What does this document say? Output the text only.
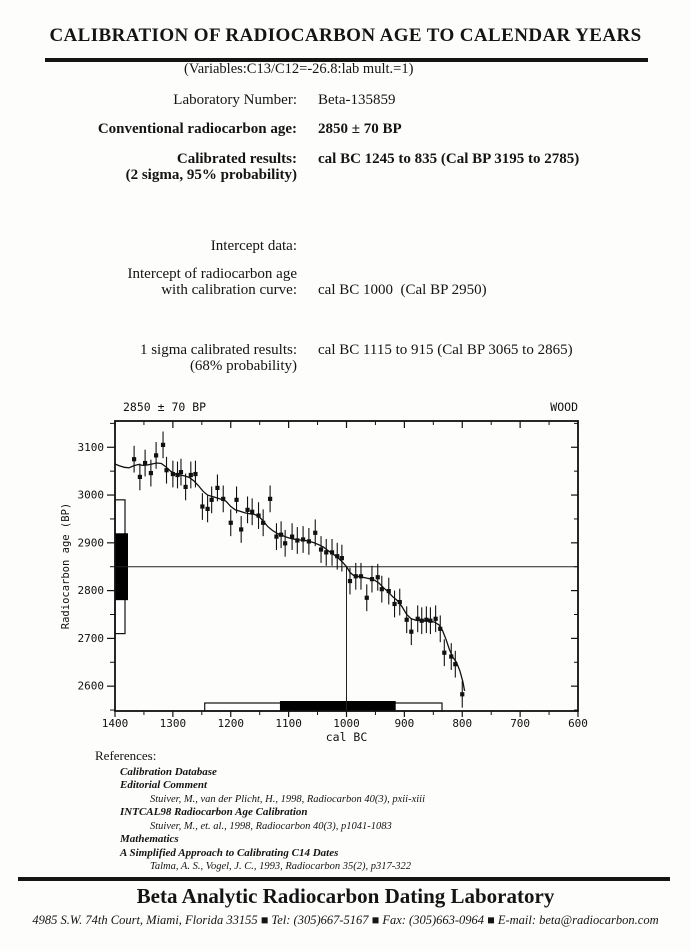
CALIBRATION OF RADIOCARBON AGE TO CALENDAR YEARS
(Variables:C13/C12=-26.8:lab mult.=1)
Laboratory Number: Beta-135859
Conventional radiocarbon age: 2850 ± 70 BP
Calibrated results:
(2 sigma, 95% probability)
cal BC 1245 to 835 (Cal BP 3195 to 2785)
Intercept data:
Intercept of radiocarbon age
with calibration curve: cal BC 1000  (Cal BP 2950)
1 sigma calibrated results:
(68% probability)
cal BC 1115 to 915 (Cal BP 3065 to 2865)
1400	1300	1200	1100	1000	900	800	700	600
2600
2700
2800
2900
3000
3100
2850 ± 70 BP	WOOD
cal BC
Radiocarbon age (BP)
References:
Calibration Database
Editorial Comment
Stuiver, M., van der Plicht, H., 1998, Radiocarbon 40(3), pxii-xiii
INTCAL98 Radiocarbon Age Calibration
Stuiver, M., et. al., 1998, Radiocarbon 40(3), p1041-1083
Mathematics
A Simplified Approach to Calibrating C14 Dates
Talma, A. S., Vogel, J. C., 1993, Radiocarbon 35(2), p317-322
Beta Analytic Radiocarbon Dating Laboratory
4985 S.W. 74th Court, Miami, Florida 33155 ■ Tel: (305)667-5167 ■ Fax: (305)663-0964 ■ E-mail: beta@radiocarbon.com
